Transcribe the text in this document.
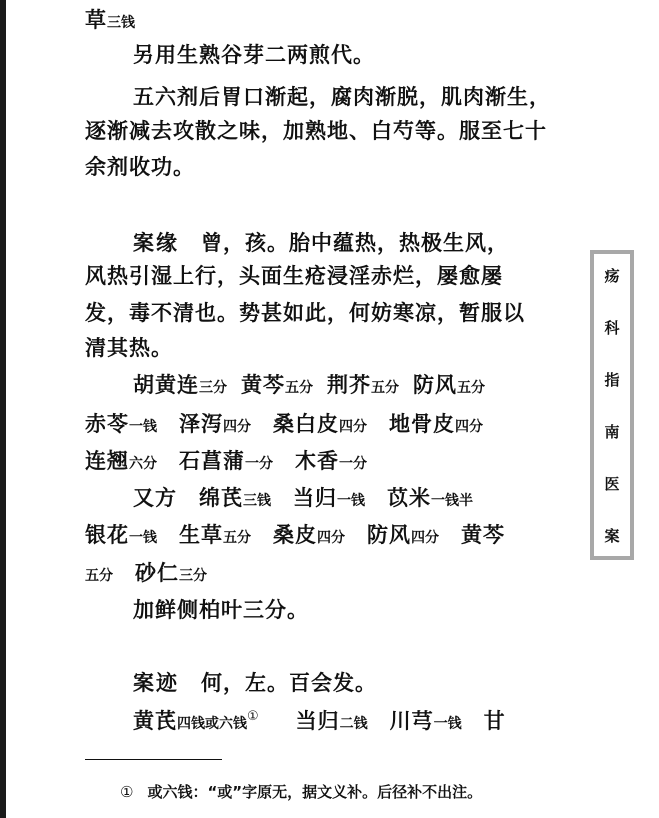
草三钱
另用生熟谷芽二两煎代。
五六剂后胃口渐起，腐肉渐脱，肌肉渐生，
逐渐减去攻散之味，加熟地、白芍等。服至七十
余剂收功。
案缘 曾，孩。胎中蕴热，热极生风，
风热引湿上行，头面生疮浸淫赤烂，屡愈屡
发，毒不清也。势甚如此，何妨寒凉，暂服以
清其热。
胡黄连三分 黄芩五分 荆芥五分 防风五分
赤苓一钱 泽泻四分 桑白皮四分 地骨皮四分
连翘六分 石菖蒲一分 木香一分
又方 绵芪三钱 当归一钱 苡米一钱半
银花一钱 生草五分 桑皮四分 防风四分 黄芩
五分 砂仁三分
加鲜侧柏叶三分。
案迹 何，左。百会发。
黄芪四钱或六钱① 当归二钱 川芎一钱 甘
① 或六钱：“或”字原无，据文义补。后径补不出注。
疡
科
指
南
医
案
